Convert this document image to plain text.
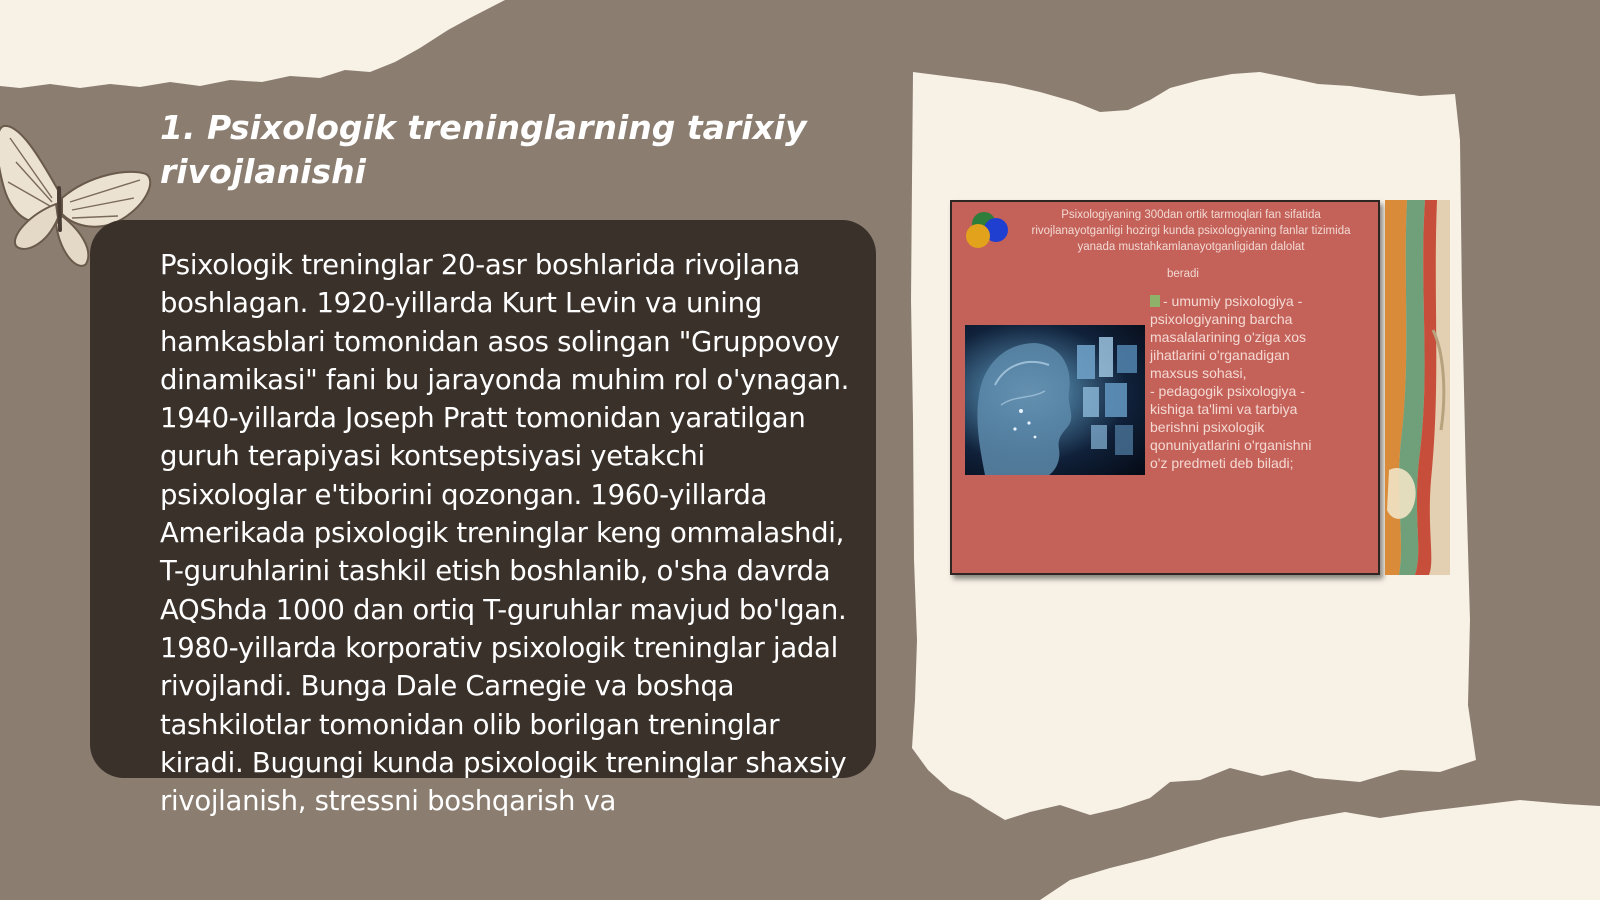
1. Psixologik treninglarning tarixiy rivojlanishi

Psixologik treninglar 20-asr boshlarida rivojlana boshlagan. 1920-yillarda Kurt Levin va uning hamkasblari tomonidan asos solingan "Gruppovoy dinamikasi" fani bu jarayonda muhim rol o'ynagan. 1940-yillarda Joseph Pratt tomonidan yaratilgan guruh terapiyasi kontseptsiyasi yetakchi psixologlar e'tiborini qozongan. 1960-yillarda Amerikada psixologik treninglar keng ommalashdi, T-guruhlarini tashkil etish boshlanib, o'sha davrda AQShda 1000 dan ortiq T-guruhlar mavjud bo'lgan. 1980-yillarda korporativ psixologik treninglar jadal rivojlandi. Bunga Dale Carnegie va boshqa tashkilotlar tomonidan olib borilgan treninglar kiradi. Bugungi kunda psixologik treninglar shaxsiy rivojlanish, stressni boshqarish va

Psixologiyaning 300dan ortik tarmoqlari fan sifatida rivojlanayotganligi hozirgi kunda psixologiyaning fanlar tizimida yanada mustahkamlanayotganligidan dalolat

beradi

- umumiy psixologiya -
psixologiyaning barcha
masalalarining o'ziga xos
jihatlarini o'rganadigan
maxsus sohasi,
- pedagogik psixologiya -
kishiga ta'limi va tarbiya
berishni psixologik
qonuniyatlarini o'rganishni
o'z predmeti deb biladi;
